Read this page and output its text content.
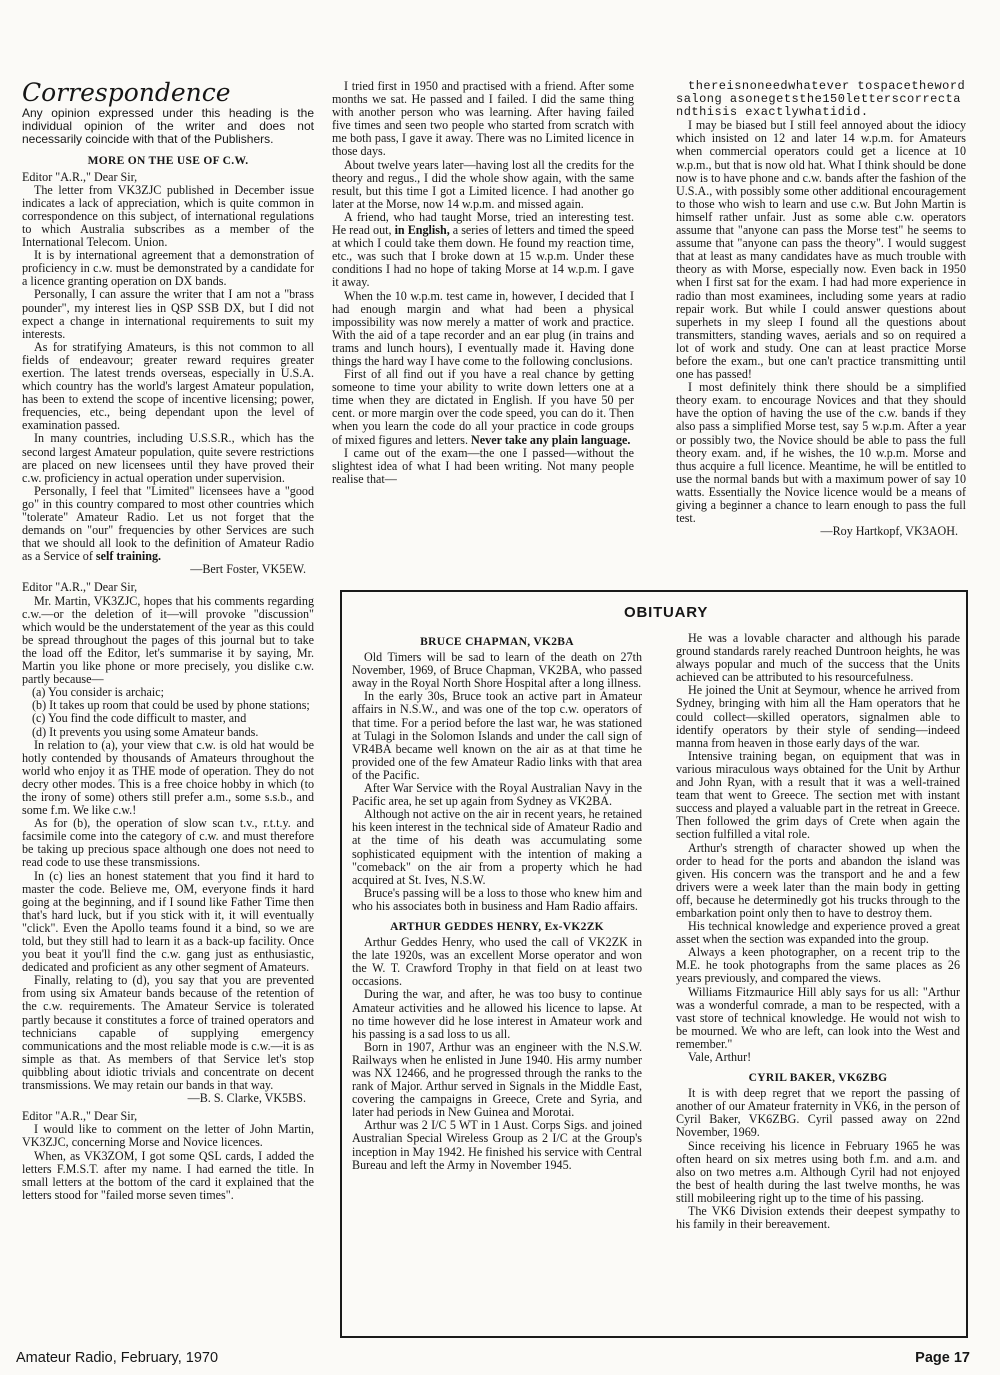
Correspondence
Any opinion expressed under this heading is the individual opinion of the writer and does not necessarily coincide with that of the Publishers.
MORE ON THE USE OF C.W.

Editor "A.R.," Dear Sir,

The letter from VK3ZJC published in December issue indicates a lack of appreciation, which is quite common in correspondence on this subject, of international regulations to which Australia subscribes as a member of the International Telecom. Union.

It is by international agreement that a demonstration of proficiency in c.w. must be demonstrated by a candidate for a licence granting operation on DX bands.

Personally, I can assure the writer that I am not a "brass pounder", my interest lies in QSP SSB DX, but I did not expect a change in international requirements to suit my interests.

As for stratifying Amateurs, is this not common to all fields of endeavour; greater reward requires greater exertion. The latest trends overseas, especially in U.S.A. which country has the world's largest Amateur population, has been to extend the scope of incentive licensing; power, frequencies, etc., being dependant upon the level of examination passed.

In many countries, including U.S.S.R., which has the second largest Amateur population, quite severe restrictions are placed on new licensees until they have proved their c.w. proficiency in actual operation under supervision.

Personally, I feel that "Limited" licensees have a "good go" in this country compared to most other countries which "tolerate" Amateur Radio. Let us not forget that the demands on "our" frequencies by other Services are such that we should all look to the definition of Amateur Radio as a Service of self training.

—Bert Foster, VK5EW.

Editor "A.R.," Dear Sir,

Mr. Martin, VK3ZJC, hopes that his comments regarding c.w.—or the deletion of it—will provoke "discussion" which would be the understatement of the year as this could be spread throughout the pages of this journal but to take the load off the Editor, let's summarise it by saying, Mr. Martin you like phone or more precisely, you dislike c.w. partly because—

(a) You consider is archaic;
(b) It takes up room that could be used by phone stations;
(c) You find the code difficult to master, and
(d) It prevents you using some Amateur bands.

In relation to (a), your view that c.w. is old hat would be hotly contended by thousands of Amateurs throughout the world who enjoy it as THE mode of operation. They do not decry other modes. This is a free choice hobby in which (to the irony of some) others still prefer a.m., some s.s.b., and some f.m. We like c.w.!

As for (b), the operation of slow scan t.v., r.t.t.y. and facsimile come into the category of c.w. and must therefore be taking up precious space although one does not need to read code to use these transmissions.

In (c) lies an honest statement that you find it hard to master the code. Believe me, OM, everyone finds it hard going at the beginning, and if I sound like Father Time then that's hard luck, but if you stick with it, it will eventually "click". Even the Apollo teams found it a bind, so we are told, but they still had to learn it as a back-up facility. Once you beat it you'll find the c.w. gang just as enthusiastic, dedicated and proficient as any other segment of Amateurs.

Finally, relating to (d), you say that you are prevented from using six Amateur bands because of the retention of the c.w. requirements. The Amateur Service is tolerated partly because it constitutes a force of trained operators and technicians capable of supplying emergency communications and the most reliable mode is c.w.—it is as simple as that. As members of that Service let's stop quibbling about idiotic trivials and concentrate on decent transmissions. We may retain our bands in that way.

—B. S. Clarke, VK5BS.

Editor "A.R.," Dear Sir,

I would like to comment on the letter of John Martin, VK3ZJC, concerning Morse and Novice licences.

When, as VK3ZOM, I got some QSL cards, I added the letters F.M.S.T. after my name. I had earned the title. In small letters at the bottom of the card it explained that the letters stood for "failed morse seven times".

I tried first in 1950 and practised with a friend. After some months we sat. He passed and I failed. I did the same thing with another person who was learning. After having failed five times and seen two people who started from scratch with me both pass, I gave it away. There was no Limited licence in those days.

About twelve years later—having lost all the credits for the theory and regus., I did the whole show again, with the same result, but this time I got a Limited licence. I had another go later at the Morse, now 14 w.p.m. and missed again.

A friend, who had taught Morse, tried an interesting test. He read out, in English, a series of letters and timed the speed at which I could take them down. He found my reaction time, etc., was such that I broke down at 15 w.p.m. Under these conditions I had no hope of taking Morse at 14 w.p.m. I gave it away.

When the 10 w.p.m. test came in, however, I decided that I had enough margin and what had been a physical impossibility was now merely a matter of work and practice. With the aid of a tape recorder and an ear plug (in trains and trams and lunch hours), I eventually made it. Having done things the hard way I have come to the following conclusions.

First of all find out if you have a real chance by getting someone to time your ability to write down letters one at a time when they are dictated in English. If you have 50 per cent. or more margin over the code speed, you can do it. Then when you learn the code do all your practice in code groups of mixed figures and letters. Never take any plain language.

I came out of the exam—the one I passed—without the slightest idea of what I had been writing. Not many people realise that—

thereisnoneedwhatever tospacethewordsalong asonegetsthe150letterscorrectandthisis exactlywhatidid.

I may be biased but I still feel annoyed about the idiocy which insisted on 12 and later 14 w.p.m. for Amateurs when commercial operators could get a licence at 10 w.p.m., but that is now old hat. What I think should be done now is to have phone and c.w. bands after the fashion of the U.S.A., with possibly some other additional encouragement to those who wish to learn and use c.w. But John Martin is himself rather unfair. Just as some able c.w. operators assume that "anyone can pass the Morse test" he seems to assume that "anyone can pass the theory". I would suggest that at least as many candidates have as much trouble with theory as with Morse, especially now. Even back in 1950 when I first sat for the exam. I had had more experience in radio than most examinees, including some years at radio repair work. But while I could answer questions about superhets in my sleep I found all the questions about transmitters, standing waves, aerials and so on required a lot of work and study. One can at least practice Morse before the exam., but one can't practice transmitting until one has passed!

I most definitely think there should be a simplified theory exam. to encourage Novices and that they should have the option of having the use of the c.w. bands if they also pass a simplified Morse test, say 5 w.p.m. After a year or possibly two, the Novice should be able to pass the full theory exam. and, if he wishes, the 10 w.p.m. Morse and thus acquire a full licence. Meantime, he will be entitled to use the normal bands but with a maximum power of say 10 watts. Essentially the Novice licence would be a means of giving a beginner a chance to learn enough to pass the full test.

—Roy Hartkopf, VK3AOH.

OBITUARY
BRUCE CHAPMAN, VK2BA

Old Timers will be sad to learn of the death on 27th November, 1969, of Bruce Chapman, VK2BA, who passed away in the Royal North Shore Hospital after a long illness.

In the early 30s, Bruce took an active part in Amateur affairs in N.S.W., and was one of the top c.w. operators of that time. For a period before the last war, he was stationed at Tulagi in the Solomon Islands and under the call sign of VR4BA became well known on the air as at that time he provided one of the few Amateur Radio links with that area of the Pacific.

After War Service with the Royal Australian Navy in the Pacific area, he set up again from Sydney as VK2BA.

Although not active on the air in recent years, he retained his keen interest in the technical side of Amateur Radio and at the time of his death was accumulating some sophisticated equipment with the intention of making a "comeback" on the air from a property which he had acquired at St. Ives, N.S.W.

Bruce's passing will be a loss to those who knew him and who his associates both in business and Ham Radio affairs.

ARTHUR GEDDES HENRY, Ex-VK2ZK

Arthur Geddes Henry, who used the call of VK2ZK in the late 1920s, was an excellent Morse operator and won the W. T. Crawford Trophy in that field on at least two occasions.

During the war, and after, he was too busy to continue Amateur activities and he allowed his licence to lapse. At no time however did he lose interest in Amateur work and his passing is a sad loss to us all.

Born in 1907, Arthur was an engineer with the N.S.W. Railways when he enlisted in June 1940. His army number was NX 12466, and he progressed through the ranks to the rank of Major. Arthur served in Signals in the Middle East, covering the campaigns in Greece, Crete and Syria, and later had periods in New Guinea and Morotai.

Arthur was 2 I/C 5 WT in 1 Aust. Corps Sigs. and joined Australian Special Wireless Group as 2 I/C at the Group's inception in May 1942. He finished his service with Central Bureau and left the Army in November 1945.

He was a lovable character and although his parade ground standards rarely reached Duntroon heights, he was always popular and much of the success that the Units achieved can be attributed to his resourcefulness.

He joined the Unit at Seymour, whence he arrived from Sydney, bringing with him all the Ham operators that he could collect—skilled operators, signalmen able to identify operators by their style of sending—indeed manna from heaven in those early days of the war.

Intensive training began, on equipment that was in various miraculous ways obtained for the Unit by Arthur and John Ryan, with a result that it was a well-trained team that went to Greece. The section met with instant success and played a valuable part in the retreat in Greece. Then followed the grim days of Crete when again the section fulfilled a vital role.

Arthur's strength of character showed up when the order to head for the ports and abandon the island was given. His concern was the transport and he and a few drivers were a week later than the main body in getting off, because he determinedly got his trucks through to the embarkation point only then to have to destroy them.

His technical knowledge and experience proved a great asset when the section was expanded into the group.

Always a keen photographer, on a recent trip to the M.E. he took photographs from the same places as 26 years previously, and compared the views.

Williams Fitzmaurice Hill ably says for us all: "Arthur was a wonderful comrade, a man to be respected, with a vast store of technical knowledge. He would not wish to be mourned. We who are left, can look into the West and remember."

Vale, Arthur!

CYRIL BAKER, VK6ZBG

It is with deep regret that we report the passing of another of our Amateur fraternity in VK6, in the person of Cyril Baker, VK6ZBG. Cyril passed away on 22nd November, 1969.

Since receiving his licence in February 1965 he was often heard on six metres using both f.m. and a.m. and also on two metres a.m. Although Cyril had not enjoyed the best of health during the last twelve months, he was still mobileering right up to the time of his passing.

The VK6 Division extends their deepest sympathy to his family in their bereavement.

Amateur Radio, February, 1970	Page 17
